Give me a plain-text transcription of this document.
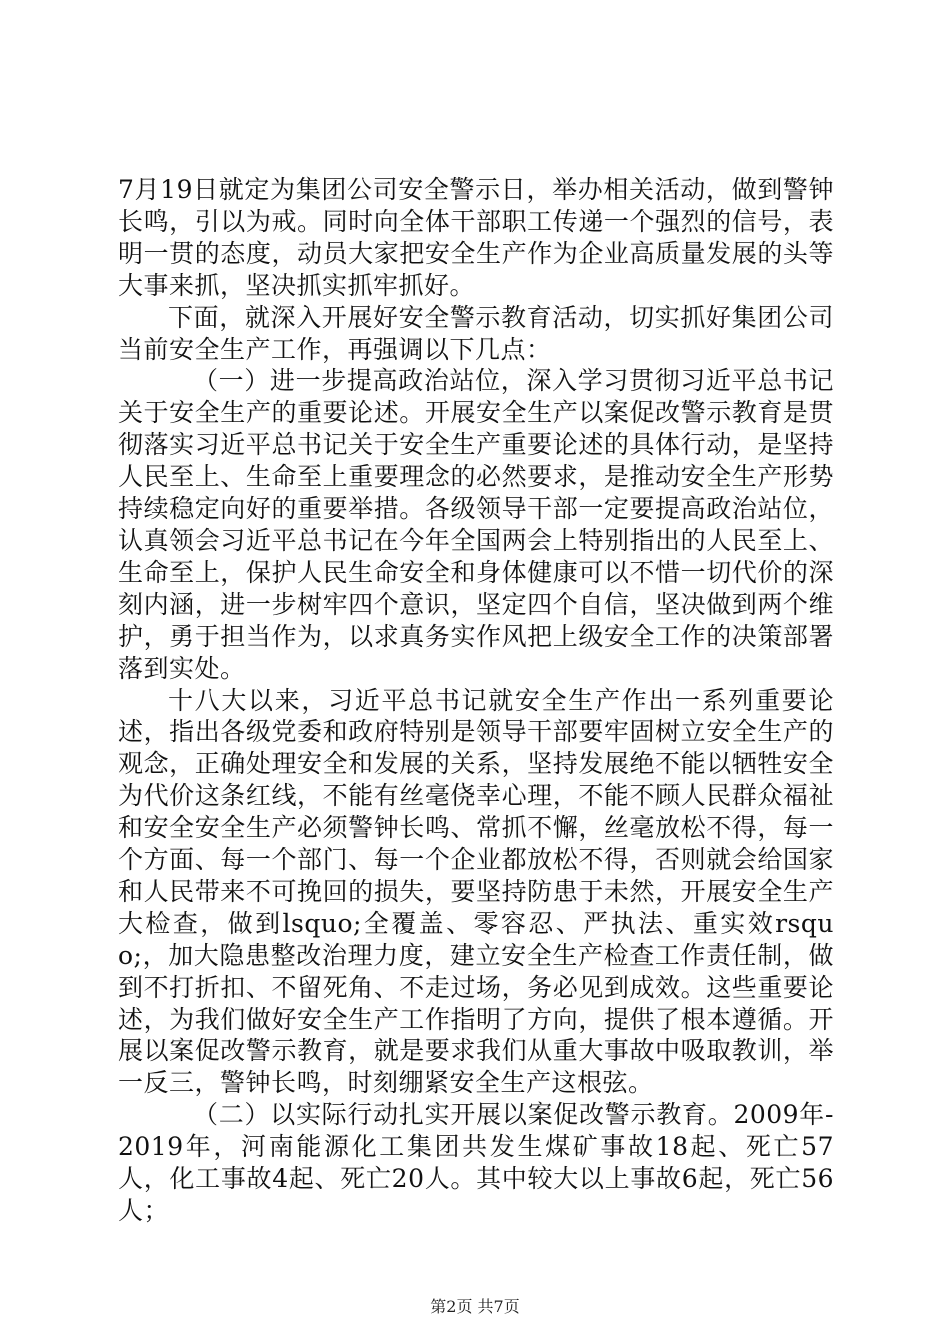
7月19日就定为集团公司安全警示日，举办相关活动，做到警钟长鸣，引以为戒。同时向全体干部职工传递一个强烈的信号，表明一贯的态度，动员大家把安全生产作为企业高质量发展的头等大事来抓，坚决抓实抓牢抓好。

下面，就深入开展好安全警示教育活动，切实抓好集团公司当前安全生产工作，再强调以下几点：

（一）进一步提高政治站位，深入学习贯彻习近平总书记关于安全生产的重要论述。开展安全生产以案促改警示教育是贯彻落实习近平总书记关于安全生产重要论述的具体行动，是坚持人民至上、生命至上重要理念的必然要求，是推动安全生产形势持续稳定向好的重要举措。各级领导干部一定要提高政治站位，认真领会习近平总书记在今年全国两会上特别指出的人民至上、生命至上，保护人民生命安全和身体健康可以不惜一切代价的深刻内涵，进一步树牢四个意识，坚定四个自信，坚决做到两个维护，勇于担当作为，以求真务实作风把上级安全工作的决策部署落到实处。

十八大以来，习近平总书记就安全生产作出一系列重要论述，指出各级党委和政府特别是领导干部要牢固树立安全生产的观念，正确处理安全和发展的关系，坚持发展绝不能以牺牲安全为代价这条红线，不能有丝毫侥幸心理，不能不顾人民群众福祉和安全安全生产必须警钟长鸣、常抓不懈，丝毫放松不得，每一个方面、每一个部门、每一个企业都放松不得，否则就会给国家和人民带来不可挽回的损失，要坚持防患于未然，开展安全生产大检查，做到lsquo;全覆盖、零容忍、严执法、重实效rsquo;，加大隐患整改治理力度，建立安全生产检查工作责任制，做到不打折扣、不留死角、不走过场，务必见到成效。这些重要论述，为我们做好安全生产工作指明了方向，提供了根本遵循。开展以案促改警示教育，就是要求我们从重大事故中吸取教训，举一反三，警钟长鸣，时刻绷紧安全生产这根弦。

（二）以实际行动扎实开展以案促改警示教育。2009年-2019年，河南能源化工集团共发生煤矿事故18起、死亡57人，化工事故4起、死亡20人。其中较大以上事故6起，死亡56人；

第2页 共7页
